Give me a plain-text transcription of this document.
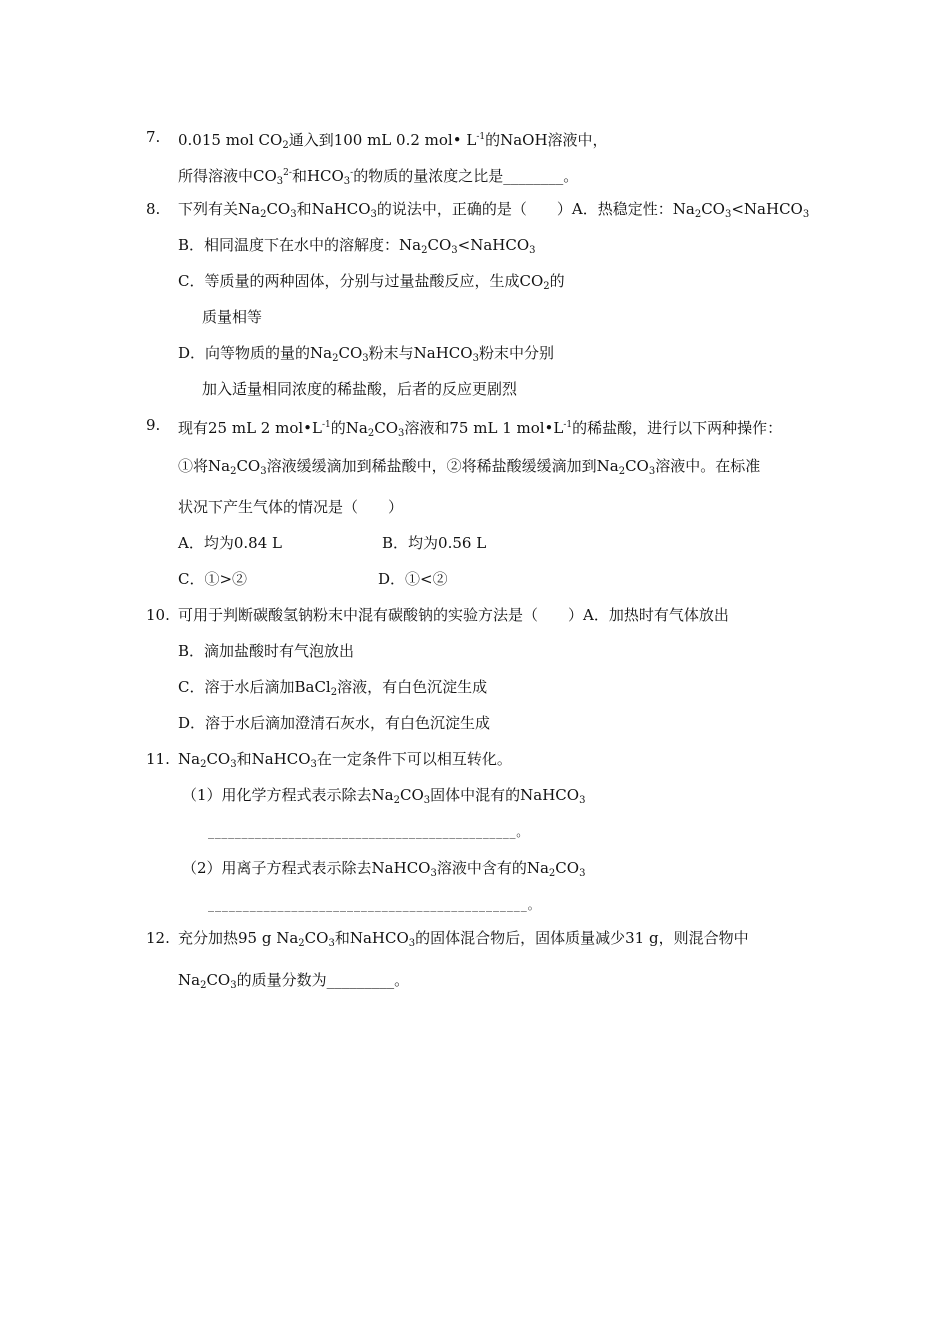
7. 0.015 mol $CO_2$通入到100 mL 0.2 mol• $L^{-1}$的NaOH溶液中，
所得溶液中$CO_3^{2-}$和$HCO_3^-$的物质的量浓度之比是________。
8. 下列有关$Na_2CO_3$和NaHCO$_3$的说法中，正确的是（　　）A．热稳定性：$Na_2CO_3<NaHCO_3$
B．相同温度下在水中的溶解度：$Na_2CO_3<NaHCO_3$
C．等质量的两种固体，分别与过量盐酸反应，生成$CO_2$的
质量相等
D．向等物质的量的$Na_2CO_3$粉末与NaHCO$_3$粉末中分别
加入适量相同浓度的稀盐酸，后者的反应更剧烈
9. 现有25 mL 2 $mol•L^{-1}$的$Na_2CO_3$溶液和75 mL 1 $mol•L^{-1}$的稀盐酸，进行以下两种操作：
①将$Na_2CO_3$溶液缓缓滴加到稀盐酸中，②将稀盐酸缓缓滴加到$Na_2CO_3$溶液中。在标准
状况下产生气体的情况是（　　）
A．均为0.84 L	B．均为0.56 L
C．①>②	D．①<②
10. 可用于判断碳酸氢钠粉末中混有碳酸钠的实验方法是（　　）A．加热时有气体放出
B．滴加盐酸时有气泡放出
C．溶于水后滴加BaCl$_2$溶液，有白色沉淀生成
D．溶于水后滴加澄清石灰水，有白色沉淀生成
11. $Na_2CO_3$和NaHCO$_3$在一定条件下可以相互转化。
（1）用化学方程式表示除去$Na_2CO_3$固体中混有的NaHCO$_3$
______________________________________________。
（2）用离子方程式表示除去NaHCO$_3$溶液中含有的$Na_2CO_3$
______________________________________________。
12. 充分加热95 g $Na_2CO_3$和NaHCO$_3$的固体混合物后，固体质量减少31 g，则混合物中
$Na_2CO_3$的质量分数为_________。
